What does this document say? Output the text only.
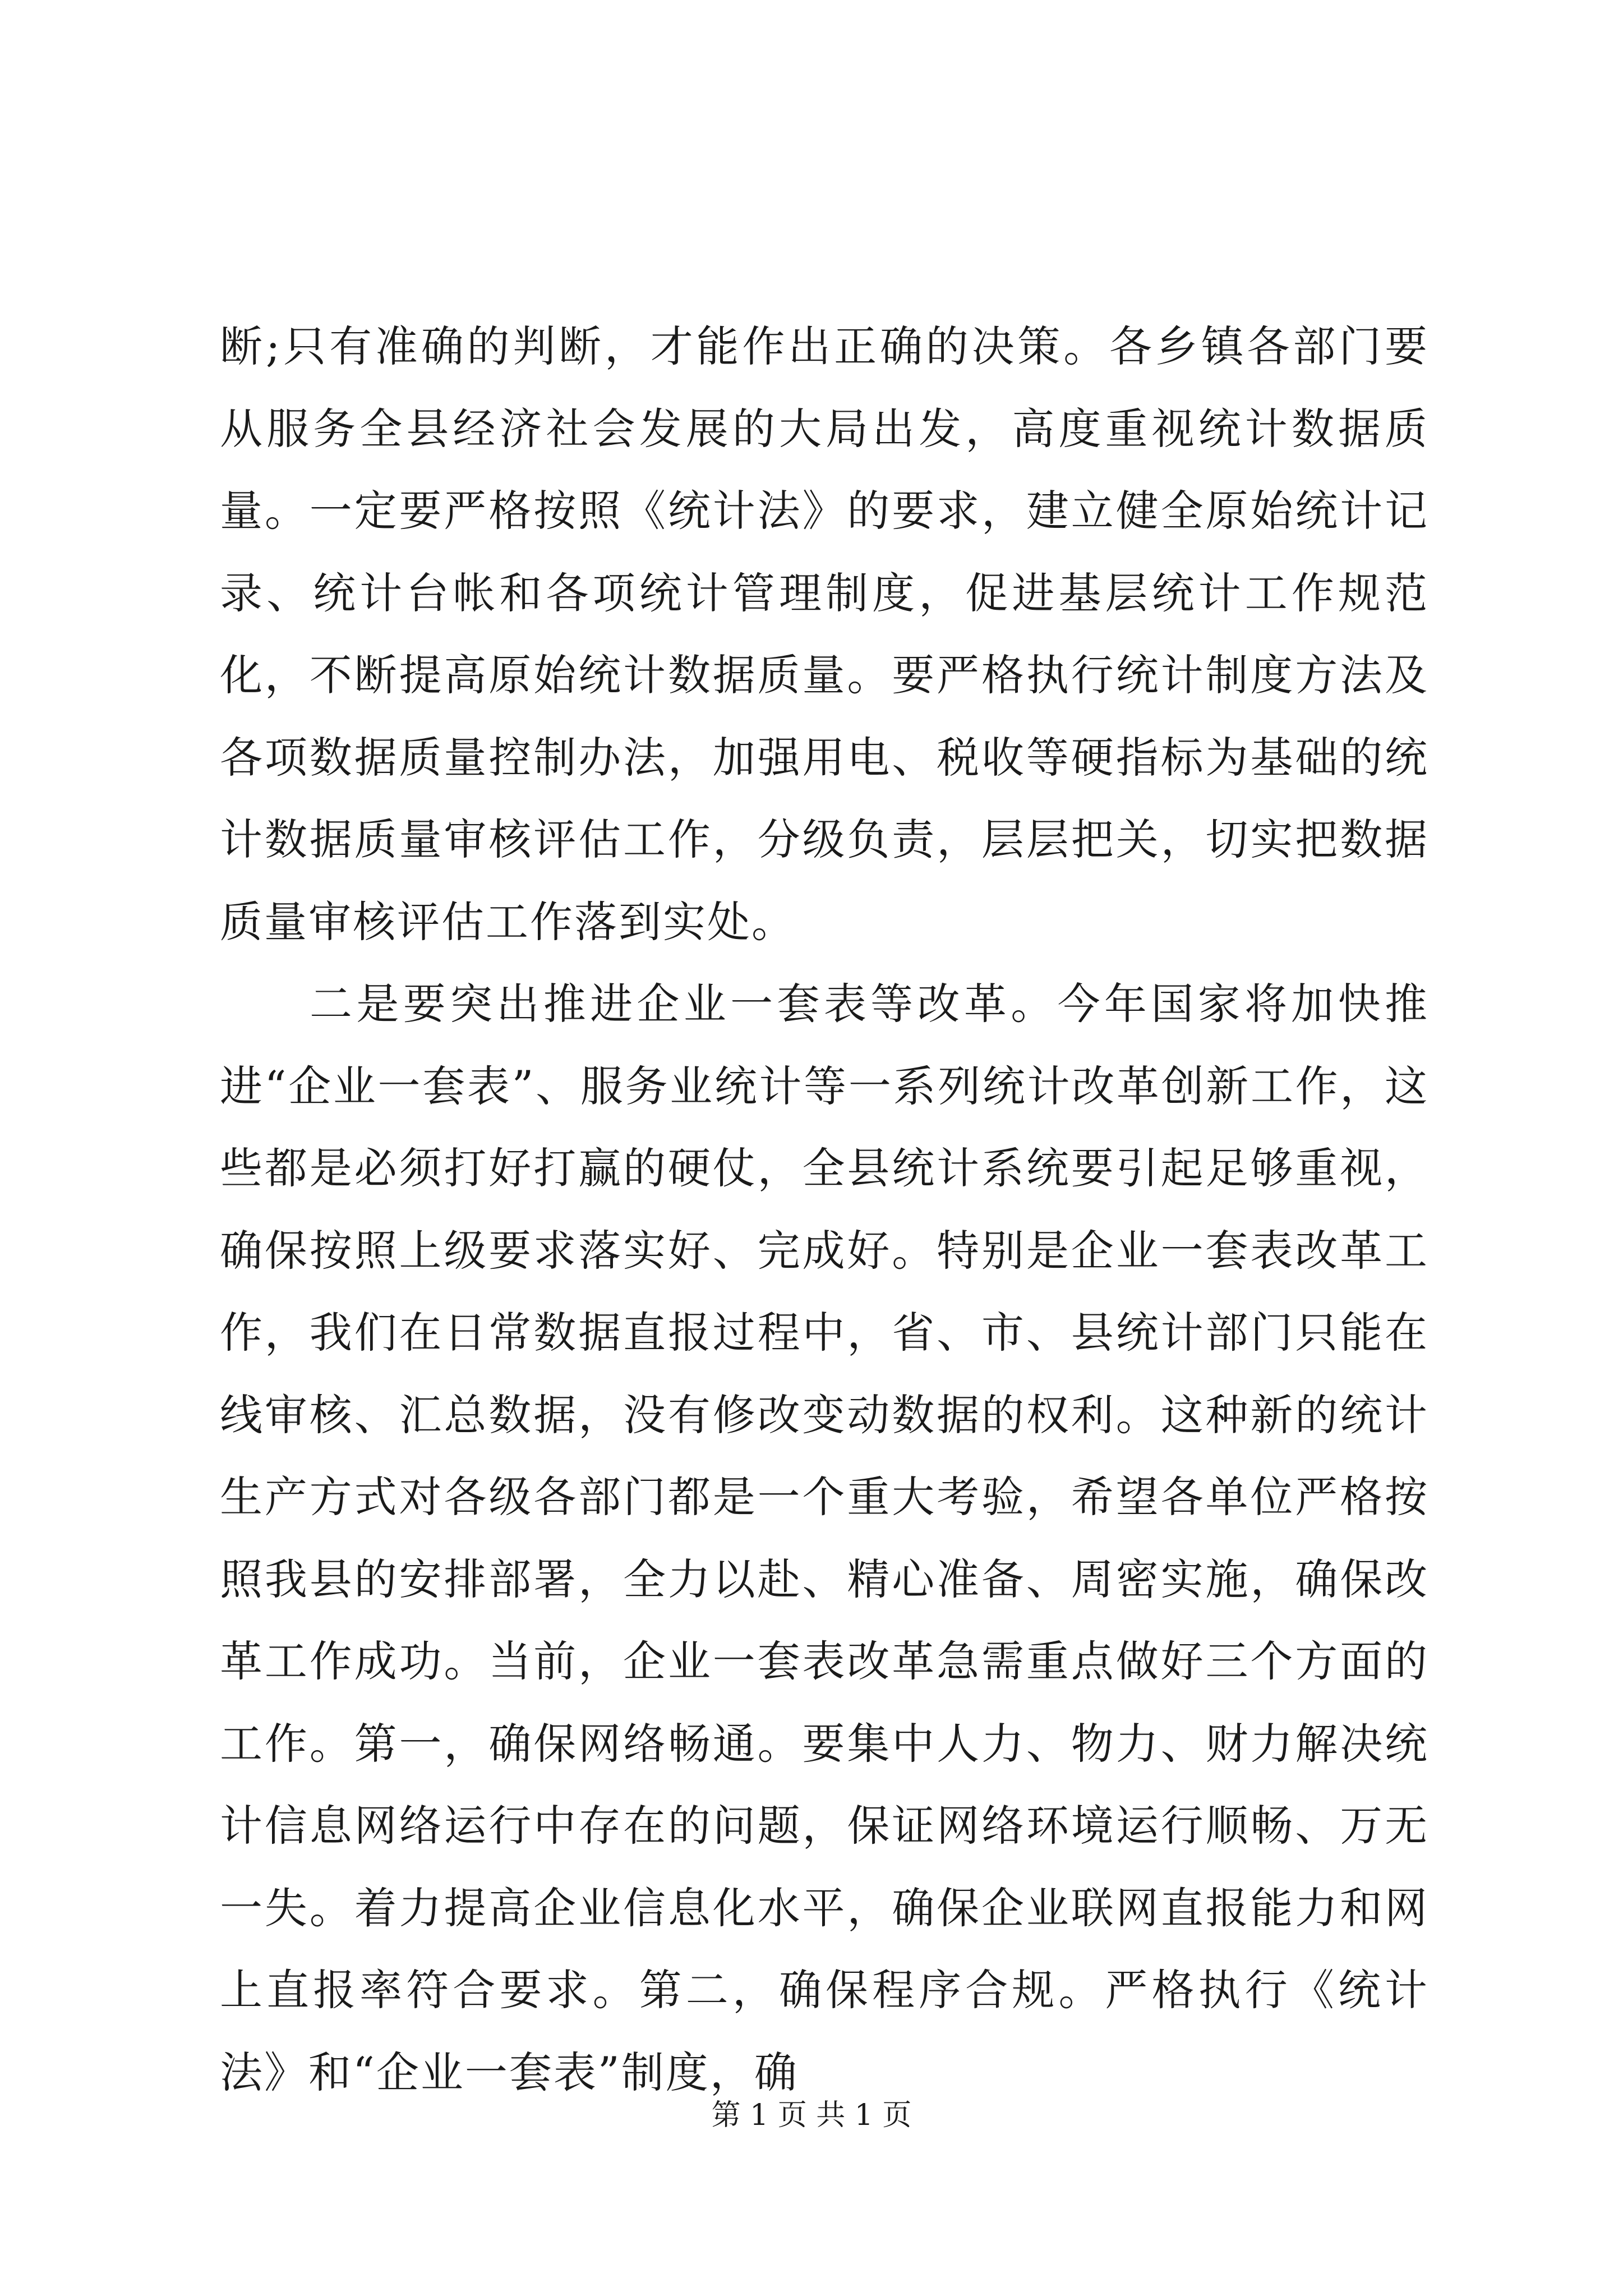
断;只有准确的判断，才能作出正确的决策。各乡镇各部门要从服务全县经济社会发展的大局出发，高度重视统计数据质量。一定要严格按照《统计法》的要求，建立健全原始统计记录、统计台帐和各项统计管理制度，促进基层统计工作规范化，不断提高原始统计数据质量。要严格执行统计制度方法及各项数据质量控制办法，加强用电、税收等硬指标为基础的统计数据质量审核评估工作，分级负责，层层把关，切实把数据质量审核评估工作落到实处。

二是要突出推进企业一套表等改革。今年国家将加快推进“企业一套表”、服务业统计等一系列统计改革创新工作，这些都是必须打好打赢的硬仗，全县统计系统要引起足够重视，确保按照上级要求落实好、完成好。特别是企业一套表改革工作，我们在日常数据直报过程中，省、市、县统计部门只能在线审核、汇总数据，没有修改变动数据的权利。这种新的统计生产方式对各级各部门都是一个重大考验，希望各单位严格按照我县的安排部署，全力以赴、精心准备、周密实施，确保改革工作成功。当前，企业一套表改革急需重点做好三个方面的工作。第一，确保网络畅通。要集中人力、物力、财力解决统计信息网络运行中存在的问题，保证网络环境运行顺畅、万无一失。着力提高企业信息化水平，确保企业联网直报能力和网上直报率符合要求。第二，确保程序合规。严格执行《统计法》和“企业一套表”制度，确

第 1 页 共 1 页
